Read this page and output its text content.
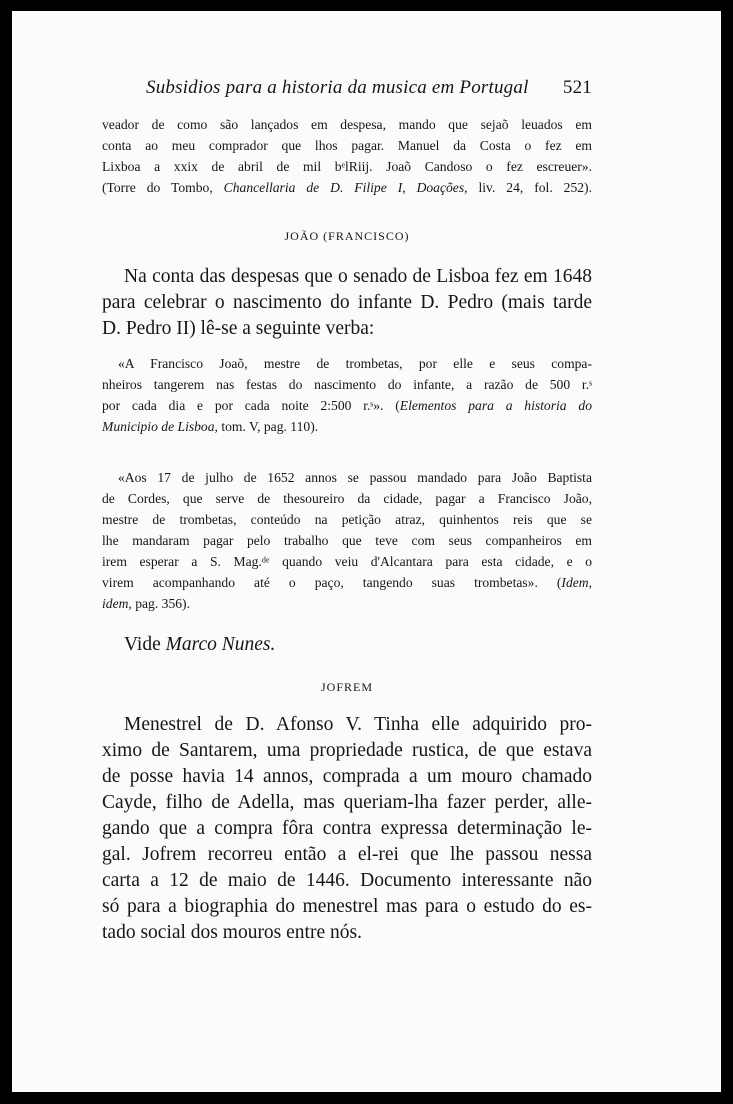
Subsidios para a historia da musica em Portugal 521
veador de como são lançados em despesa, mando que sejaõ leuados em
conta ao meu comprador que lhos pagar. Manuel da Costa o fez em
Lixboa a xxix de abril de mil bᵉlRiij. Joaõ Candoso o fez escreuer».
(Torre do Tombo, Chancellaria de D. Filipe I, Doações, liv. 24, fol. 252).
JOÃO (FRANCISCO)
Na conta das despesas que o senado de Lisboa fez em 1648
para celebrar o nascimento do infante D. Pedro (mais tarde
D. Pedro II) lê-se a seguinte verba:
«A Francisco Joaõ, mestre de trombetas, por elle e seus compa-
nheiros tangerem nas festas do nascimento do infante, a razão de 500 r.ˢ
por cada dia e por cada noite 2:500 r.ˢ». (Elementos para a historia do
Municipio de Lisboa, tom. V, pag. 110).
«Aos 17 de julho de 1652 annos se passou mandado para João Baptista
de Cordes, que serve de thesoureiro da cidade, pagar a Francisco João,
mestre de trombetas, conteúdo na petição atraz, quinhentos reis que se
lhe mandaram pagar pelo trabalho que teve com seus companheiros em
irem esperar a S. Mag.ᵈᵉ quando veiu d'Alcantara para esta cidade, e o
virem acompanhando até o paço, tangendo suas trombetas». (Idem,
idem, pag. 356).
Vide Marco Nunes.
JOFREM
Menestrel de D. Afonso V. Tinha elle adquirido pro-
ximo de Santarem, uma propriedade rustica, de que estava
de posse havia 14 annos, comprada a um mouro chamado
Cayde, filho de Adella, mas queriam-lha fazer perder, alle-
gando que a compra fôra contra expressa determinação le-
gal. Jofrem recorreu então a el-rei que lhe passou nessa
carta a 12 de maio de 1446. Documento interessante não
só para a biographia do menestrel mas para o estudo do es-
tado social dos mouros entre nós.
